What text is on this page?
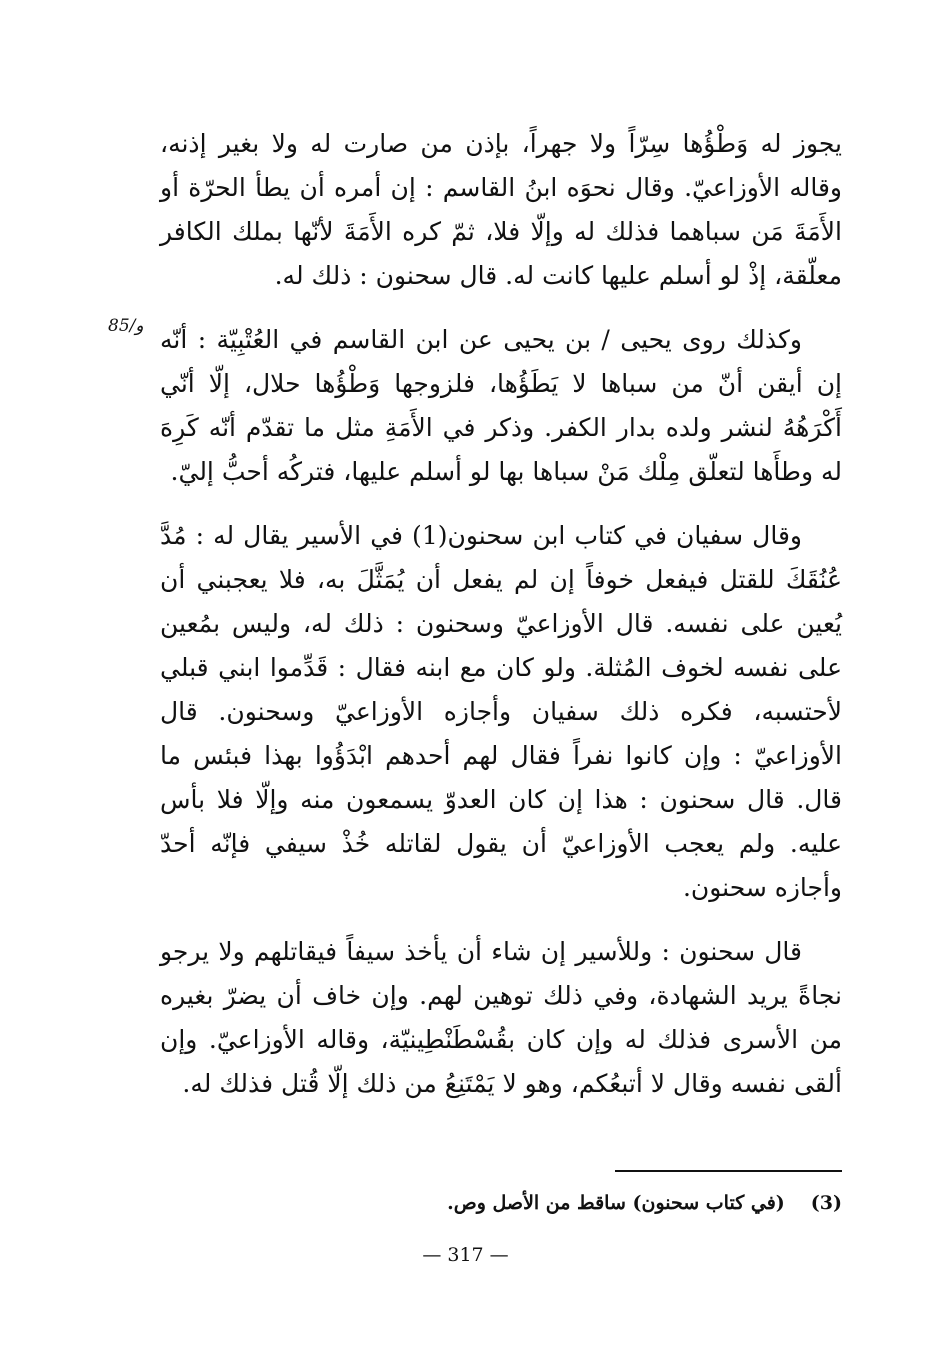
يجوز له وَطْؤُها سِرّاً ولا جهراً، بإذن من صارت له ولا بغير إذنه، وقاله الأوزاعيّ. وقال نحوَه ابنُ القاسم : إن أمره أن يطأ الحرّة أو الأَمَةَ مَن سباهما فذلك له وإلّا فلا، ثمّ كره الأَمَةَ لأنّها بملك الكافر معلّقة، إذْ لو أسلم عليها كانت له. قال سحنون : ذلك له.

وكذلك روى يحيى / بن يحيى عن ابن القاسم في العُتْبِيّة : أنّه إن أيقن أنّ من سباها لا يَطَؤُها، فلزوجها وَطْؤُها حلال، إلّا أنّي أَكْرَهُهُ لنشر ولده بدار الكفر. وذكر في الأَمَةِ مثل ما تقدّم أنّه كَرِهَ له وطأَها لتعلّق مِلْك مَنْ سباها بها لو أسلم عليها، فتركُه أحبُّ إليّ.

وقال سفيان في كتاب ابن سحنون(1) في الأسير يقال له : مُدَّ عُنُقَكَ للقتل فيفعل خوفاً إن لم يفعل أن يُمَثَّلَ به، فلا يعجبني أن يُعين على نفسه. قال الأوزاعيّ وسحنون : ذلك له، وليس بمُعين على نفسه لخوف المُثلة. ولو كان مع ابنه فقال : قَدِّموا ابني قبلي لأحتسبه، فكره ذلك سفيان وأجازه الأوزاعيّ وسحنون. قال الأوزاعيّ : وإن كانوا نفراً فقال لهم أحدهم ابْدَؤُوا بهذا فبئس ما قال. قال سحنون : هذا إن كان العدوّ يسمعون منه وإلّا فلا بأس عليه. ولم يعجب الأوزاعيّ أن يقول لقاتله خُذْ سيفي فإنّه أحدّ وأجازه سحنون.

قال سحنون : وللأسير إن شاء أن يأخذ سيفاً فيقاتلهم ولا يرجو نجاةً يريد الشهادة، وفي ذلك توهين لهم. وإن خاف أن يضرّ بغيره من الأسرى فذلك له وإن كان بقُسْطَنْطِينيّة، وقاله الأوزاعيّ. وإن ألقى نفسه وقال لا أتبعُكم، وهو لا يَمْتَنِعُ من ذلك إلّا قُتل فذلك له.

85/و
(3)
(في كتاب سحنون) ساقط من الأصل وص.
— 317 —
